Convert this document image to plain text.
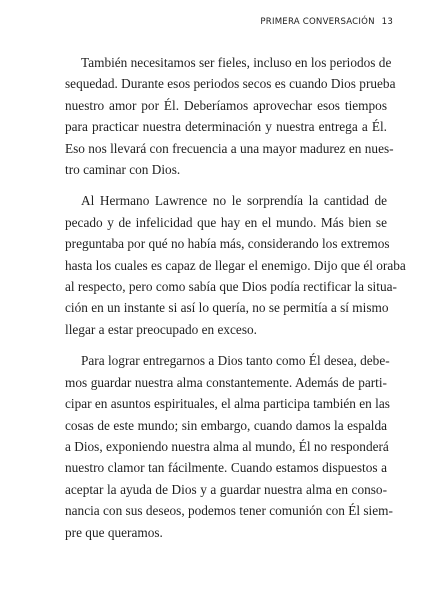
PRIMERA CONVERSACIÓN 13

También necesitamos ser fieles, incluso en los periodos de
sequedad. Durante esos periodos secos es cuando Dios prueba
nuestro amor por Él. Deberíamos aprovechar esos tiempos
para practicar nuestra determinación y nuestra entrega a Él.
Eso nos llevará con frecuencia a una mayor madurez en nues-
tro caminar con Dios.

Al Hermano Lawrence no le sorprendía la cantidad de
pecado y de infelicidad que hay en el mundo. Más bien se
preguntaba por qué no había más, considerando los extremos
hasta los cuales es capaz de llegar el enemigo. Dijo que él oraba
al respecto, pero como sabía que Dios podía rectificar la situa-
ción en un instante si así lo quería, no se permitía a sí mismo
llegar a estar preocupado en exceso.

Para lograr entregarnos a Dios tanto como Él desea, debe-
mos guardar nuestra alma constantemente. Además de parti-
cipar en asuntos espirituales, el alma participa también en las
cosas de este mundo; sin embargo, cuando damos la espalda
a Dios, exponiendo nuestra alma al mundo, Él no responderá
nuestro clamor tan fácilmente. Cuando estamos dispuestos a
aceptar la ayuda de Dios y a guardar nuestra alma en conso-
nancia con sus deseos, podemos tener comunión con Él siem-
pre que queramos.
